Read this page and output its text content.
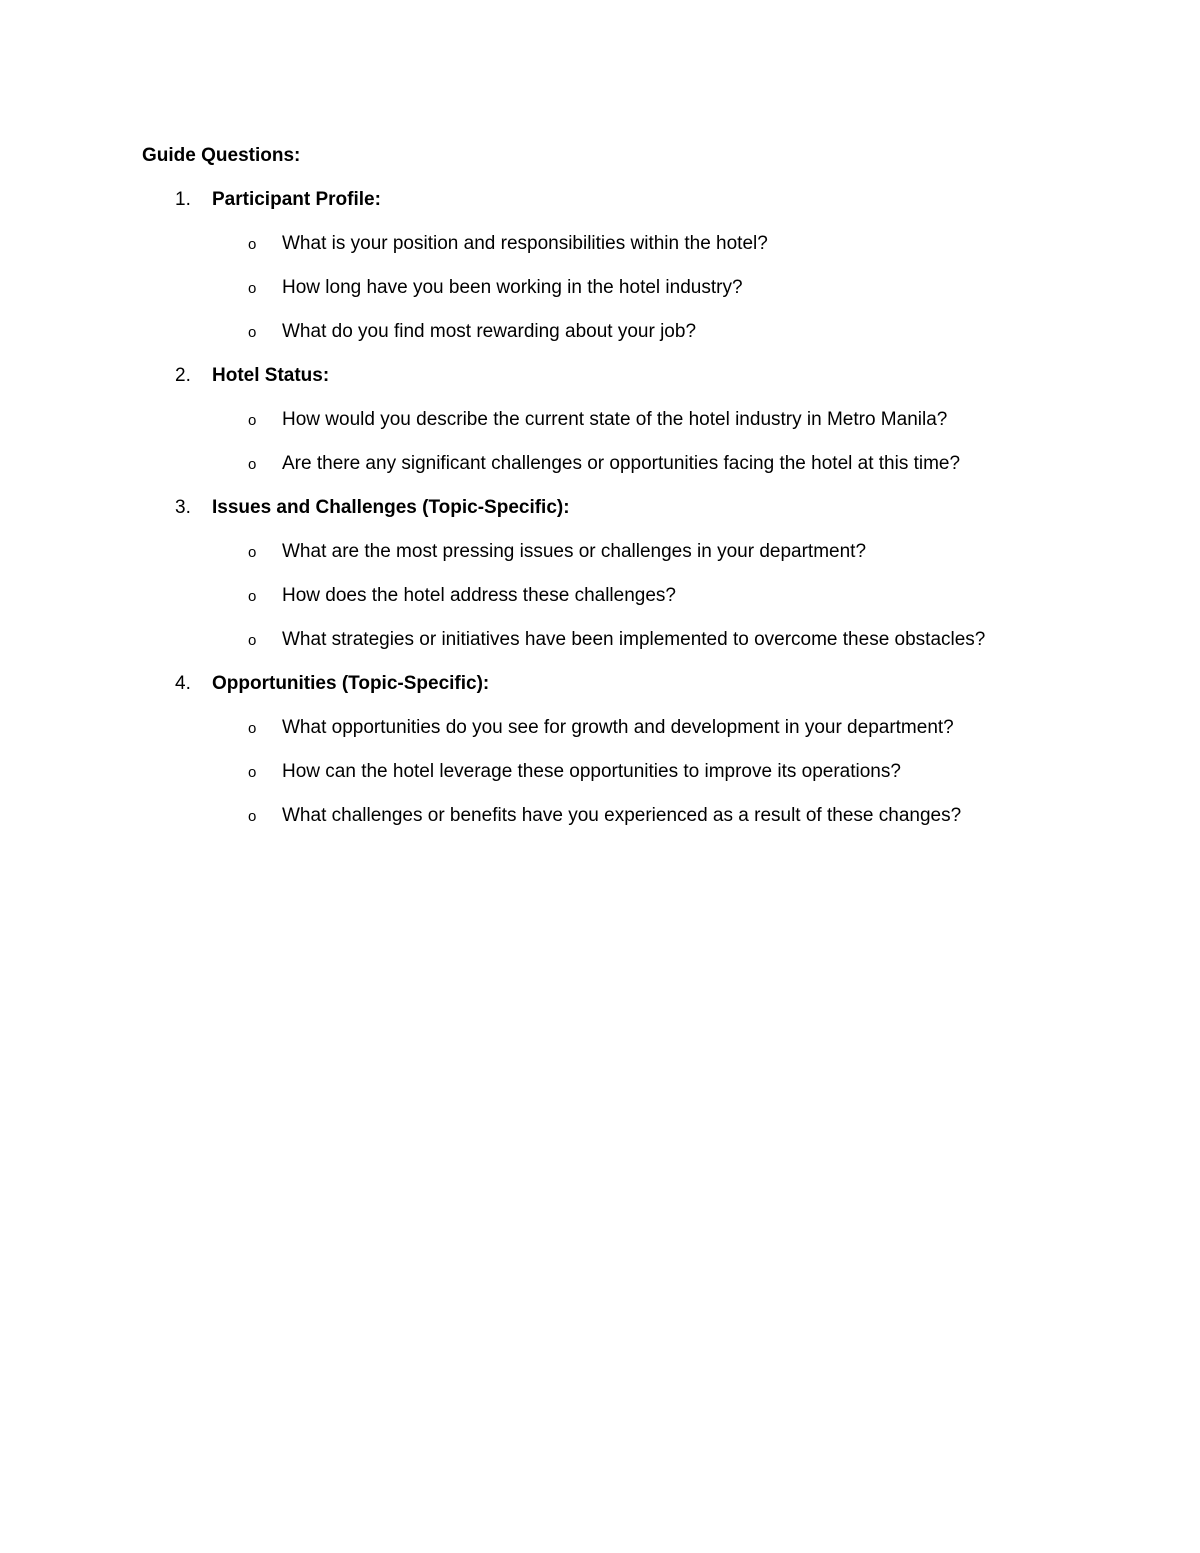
Guide Questions:
1. Participant Profile:
o What is your position and responsibilities within the hotel?
o How long have you been working in the hotel industry?
o What do you find most rewarding about your job?
2. Hotel Status:
o How would you describe the current state of the hotel industry in Metro Manila?
o Are there any significant challenges or opportunities facing the hotel at this time?
3. Issues and Challenges (Topic-Specific):
o What are the most pressing issues or challenges in your department?
o How does the hotel address these challenges?
o What strategies or initiatives have been implemented to overcome these obstacles?
4. Opportunities (Topic-Specific):
o What opportunities do you see for growth and development in your department?
o How can the hotel leverage these opportunities to improve its operations?
o What challenges or benefits have you experienced as a result of these changes?
